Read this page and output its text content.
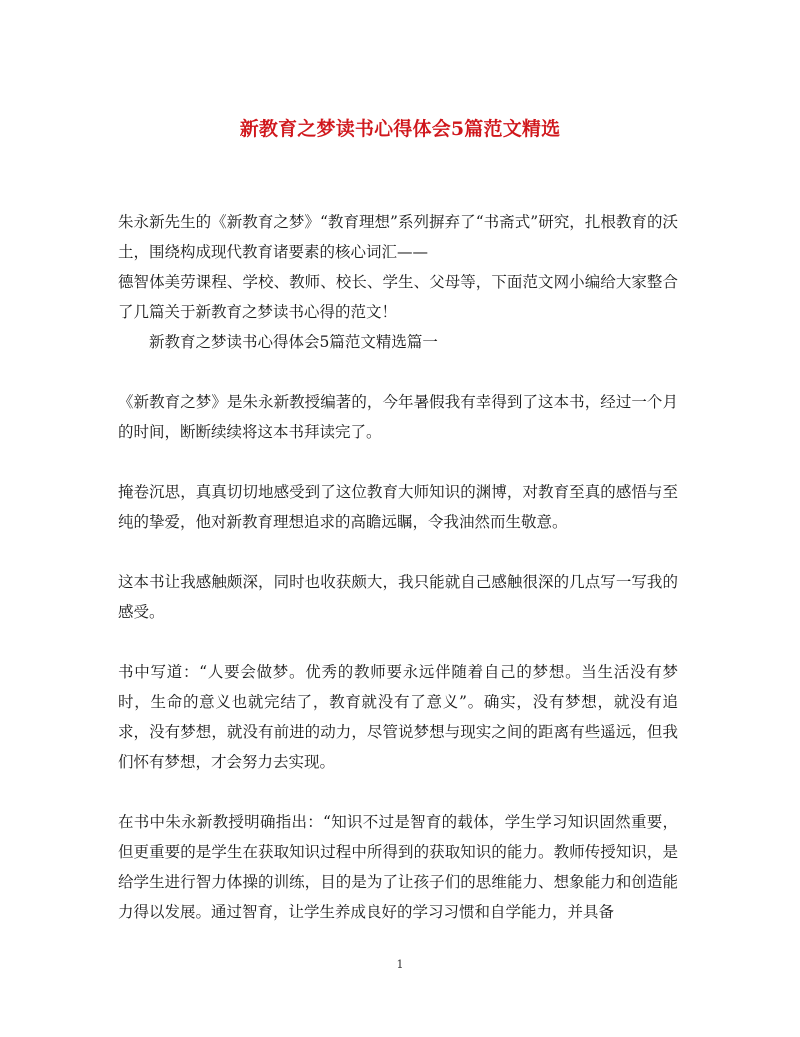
新教育之梦读书心得体会5篇范文精选

朱永新先生的《新教育之梦》“教育理想”系列摒弃了“书斋式”研究，扎根教育的沃土，围绕构成现代教育诸要素的核心词汇——

德智体美劳课程、学校、教师、校长、学生、父母等，下面范文网小编给大家整合了几篇关于新教育之梦读书心得的范文！

新教育之梦读书心得体会5篇范文精选篇一

《新教育之梦》是朱永新教授编著的，今年暑假我有幸得到了这本书，经过一个月的时间，断断续续将这本书拜读完了。

掩卷沉思，真真切切地感受到了这位教育大师知识的渊博，对教育至真的感悟与至纯的挚爱，他对新教育理想追求的高瞻远瞩，令我油然而生敬意。

这本书让我感触颇深，同时也收获颇大，我只能就自己感触很深的几点写一写我的感受。

书中写道：“人要会做梦。优秀的教师要永远伴随着自己的梦想。当生活没有梦时，生命的意义也就完结了，教育就没有了意义”。确实，没有梦想，就没有追求，没有梦想，就没有前进的动力，尽管说梦想与现实之间的距离有些遥远，但我们怀有梦想，才会努力去实现。

在书中朱永新教授明确指出：“知识不过是智育的载体，学生学习知识固然重要，但更重要的是学生在获取知识过程中所得到的获取知识的能力。教师传授知识，是给学生进行智力体操的训练，目的是为了让孩子们的思维能力、想象能力和创造能力得以发展。通过智育，让学生养成良好的学习习惯和自学能力，并具备

1
